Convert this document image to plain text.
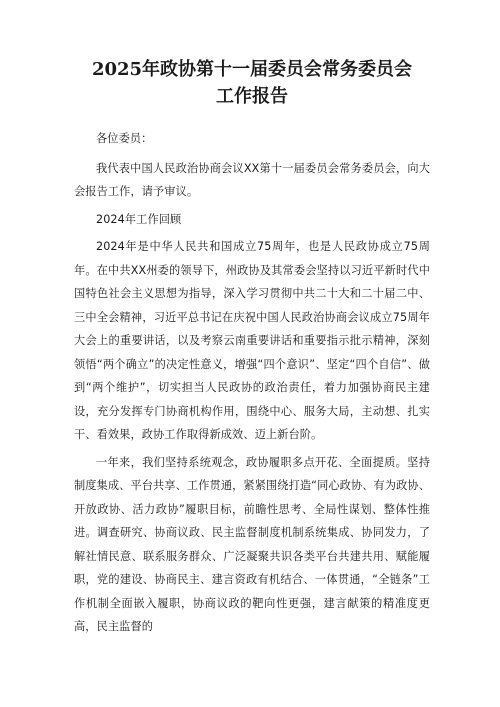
2025年政协第十一届委员会常务委员会
工作报告

各位委员：

我代表中国人民政治协商会议XX第十一届委员会常务委员会，向大会报告工作，请予审议。

2024年工作回顾

2024年是中华人民共和国成立75周年，也是人民政协成立75周年。在中共XX州委的领导下，州政协及其常委会坚持以习近平新时代中国特色社会主义思想为指导，深入学习贯彻中共二十大和二十届二中、三中全会精神，习近平总书记在庆祝中国人民政治协商会议成立75周年大会上的重要讲话，以及考察云南重要讲话和重要指示批示精神，深刻领悟“两个确立”的决定性意义，增强“四个意识”、坚定“四个自信”、做到“两个维护”，切实担当人民政协的政治责任，着力加强协商民主建设，充分发挥专门协商机构作用，围绕中心、服务大局，主动想、扎实干、看效果，政协工作取得新成效、迈上新台阶。

一年来，我们坚持系统观念，政协履职多点开花、全面提质。坚持制度集成、平台共享、工作贯通，紧紧围绕打造“同心政协、有为政协、开放政协、活力政协”履职目标，前瞻性思考、全局性谋划、整体性推进。调查研究、协商议政、民主监督制度机制系统集成、协同发力，了解社情民意、联系服务群众、广泛凝聚共识各类平台共建共用、赋能履职，党的建设、协商民主、建言资政有机结合、一体贯通，“全链条”工作机制全面嵌入履职，协商议政的靶向性更强，建言献策的精准度更高，民主监督的
